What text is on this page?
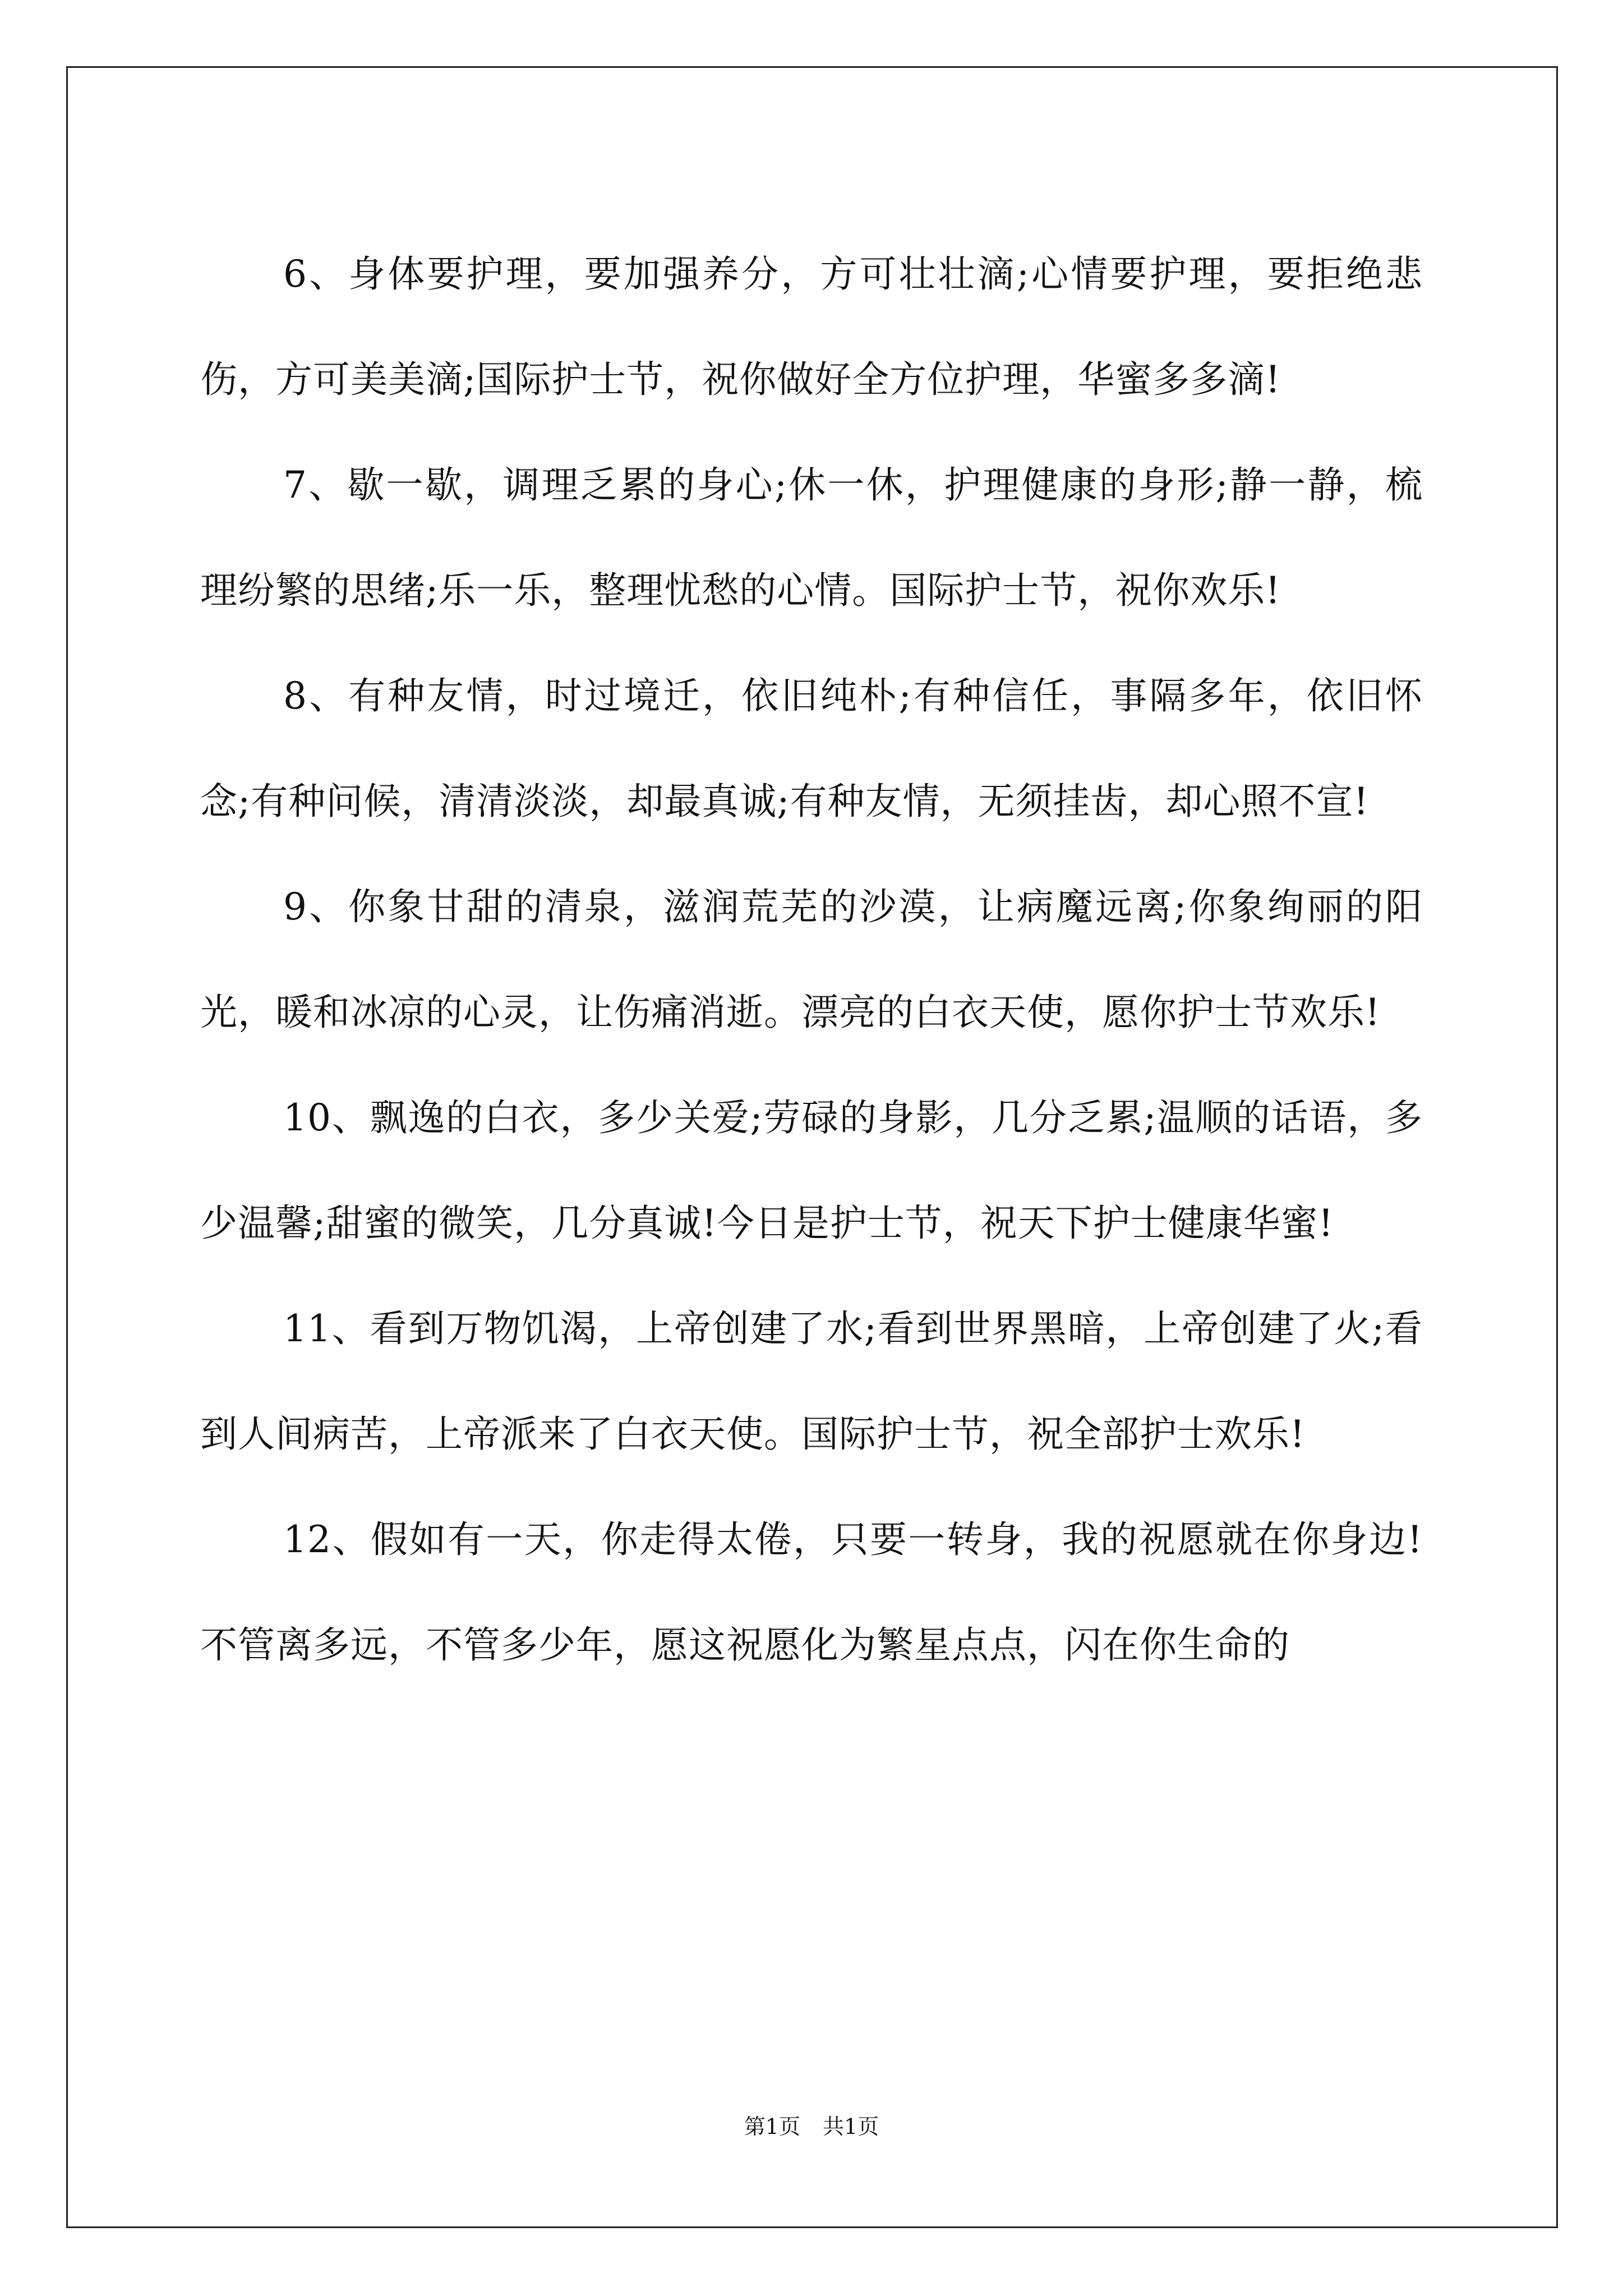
6、身体要护理，要加强养分，方可壮壮滴;心情要护理，要拒绝悲伤，方可美美滴;国际护士节，祝你做好全方位护理，华蜜多多滴!

7、歇一歇，调理乏累的身心;休一休，护理健康的身形;静一静，梳理纷繁的思绪;乐一乐，整理忧愁的心情。国际护士节，祝你欢乐!

8、有种友情，时过境迁，依旧纯朴;有种信任，事隔多年，依旧怀念;有种问候，清清淡淡，却最真诚;有种友情，无须挂齿，却心照不宣!

9、你象甘甜的清泉，滋润荒芜的沙漠，让病魔远离;你象绚丽的阳光，暖和冰凉的心灵，让伤痛消逝。漂亮的白衣天使，愿你护士节欢乐!

10、飘逸的白衣，多少关爱;劳碌的身影，几分乏累;温顺的话语，多少温馨;甜蜜的微笑，几分真诚!今日是护士节，祝天下护士健康华蜜!

11、看到万物饥渴，上帝创建了水;看到世界黑暗，上帝创建了火;看到人间病苦，上帝派来了白衣天使。国际护士节，祝全部护士欢乐!

12、假如有一天，你走得太倦，只要一转身，我的祝愿就在你身边!不管离多远，不管多少年，愿这祝愿化为繁星点点，闪在你生命的

第1页 共1页
